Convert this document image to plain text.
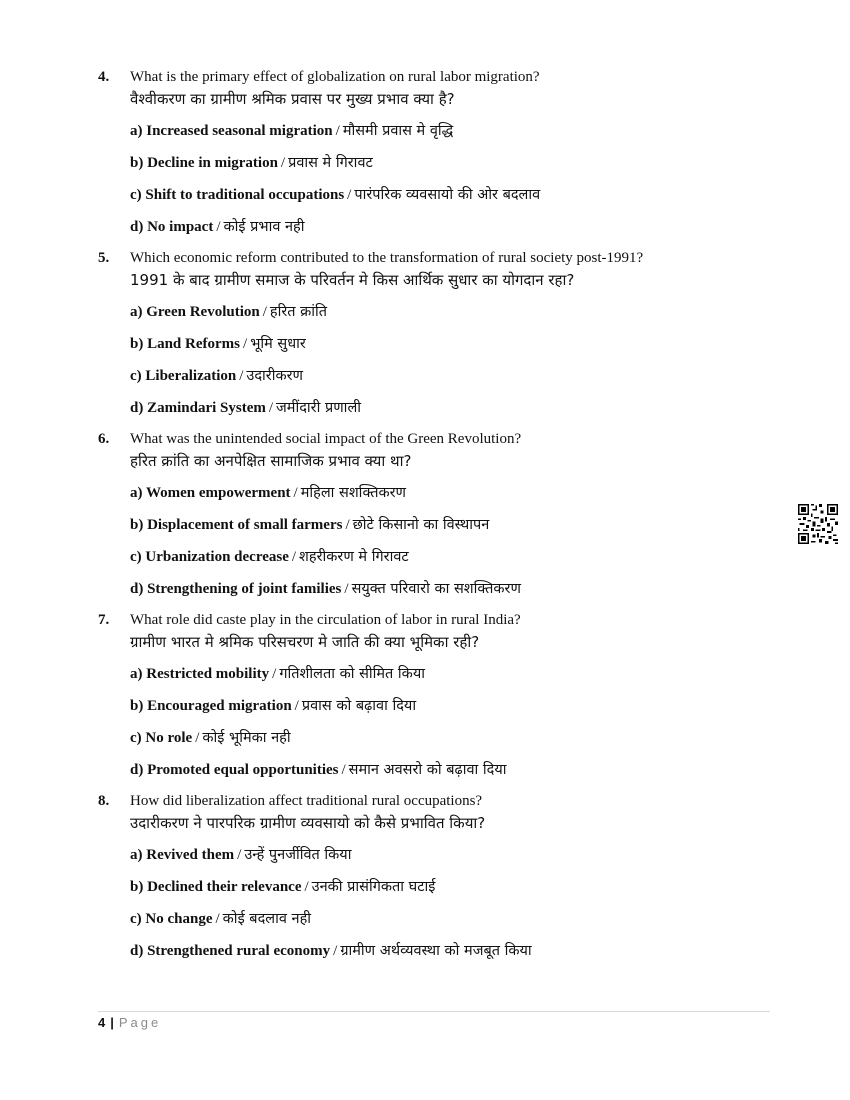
4. What is the primary effect of globalization on rural labor migration?
वैश्वीकरण का ग्रामीण श्रमिक प्रवास पर मुख्य प्रभाव क्या है?
a) Increased seasonal migration / मौसमी प्रवास मे वृद्धि
b) Decline in migration / प्रवास मे गिरावट
c) Shift to traditional occupations / पारंपरिक व्यवसायो की ओर बदलाव
d) No impact / कोई प्रभाव नही
5. Which economic reform contributed to the transformation of rural society post-1991?
1991 के बाद ग्रामीण समाज के परिवर्तन मे किस आर्थिक सुधार का योगदान रहा?
a) Green Revolution / हरित क्रांति
b) Land Reforms / भूमि सुधार
c) Liberalization / उदारीकरण
d) Zamindari System / जमींदारी प्रणाली
6. What was the unintended social impact of the Green Revolution?
हरित क्रांति का अनपेक्षित सामाजिक प्रभाव क्या था?
a) Women empowerment / महिला सशक्तिकरण
b) Displacement of small farmers / छोटे किसानो का विस्थापन
c) Urbanization decrease / शहरीकरण मे गिरावट
d) Strengthening of joint families / सयुक्त परिवारो का सशक्तिकरण
7. What role did caste play in the circulation of labor in rural India?
ग्रामीण भारत मे श्रमिक परिसचरण मे जाति की क्या भूमिका रही?
a) Restricted mobility / गतिशीलता को सीमित किया
b) Encouraged migration / प्रवास को बढ़ावा दिया
c) No role / कोई भूमिका नही
d) Promoted equal opportunities / समान अवसरो को बढ़ावा दिया
8. How did liberalization affect traditional rural occupations?
उदारीकरण ने पारपरिक ग्रामीण व्यवसायो को कैसे प्रभावित किया?
a) Revived them / उन्हें पुनर्जीवित किया
b) Declined their relevance / उनकी प्रासंगिकता घटाई
c) No change / कोई बदलाव नही
d) Strengthened rural economy / ग्रामीण अर्थव्यवस्था को मजबूत किया
4 | Page
